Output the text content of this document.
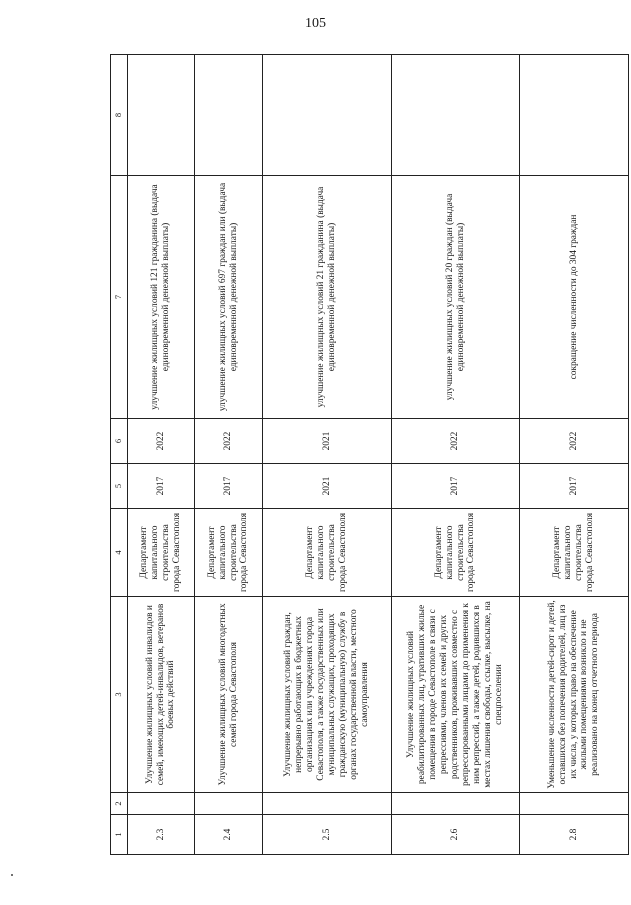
105
1	2	3	4	5	6	7	8
2.3		Улучшение жилищных условий инвалидов и семей, имеющих детей-инвалидов, ветеранов боевых действий	Департамент капитального строительства города Севастополя	2017	2022	улучшение жилищных условий 121 гражданина (выдача единовременной денежной выплаты)	
2.4		Улучшение жилищных условий многодетных семей города Севастополя	Департамент капитального строительства города Севастополя	2017	2022	улучшение жилищных условий 697 граждан или (выдача единовременной денежной выплаты)	
2.5		Улучшение жилищных условий граждан, непрерывно работающих в бюджетных организациях или учреждениях города Севастополя, а также государственных или муниципальных служащих, проходящих гражданскую (муниципальную) службу в органах государственной власти, местного самоуправления	Департамент капитального строительства города Севастополя	2021	2021	улучшение жилищных условий 21 гражданина (выдача единовременной денежной выплаты)	
2.6		Улучшение жилищных условий реабилитированных лиц, утративших жилые помещения в городе Севастополе в связи с репрессиями, членов их семей и других родственников, проживавших совместно с репрессированными лицами до применения к ним репрессий, а также детей, родившихся в местах лишения свободы, ссылке, высылке, на спецпоселении	Департамент капитального строительства города Севастополя	2017	2022	улучшение жилищных условий 20 граждан (выдача единовременной денежной выплаты)	
2.8		Уменьшение численности детей-сирот и детей, оставшихся без попечения родителей, лиц из их числа, у которых право на обеспечение жилыми помещениями возникло и не реализовано на конец отчетного периода	Департамент капитального строительства города Севастополя	2017	2022	сокращение численности до 304 граждан	
